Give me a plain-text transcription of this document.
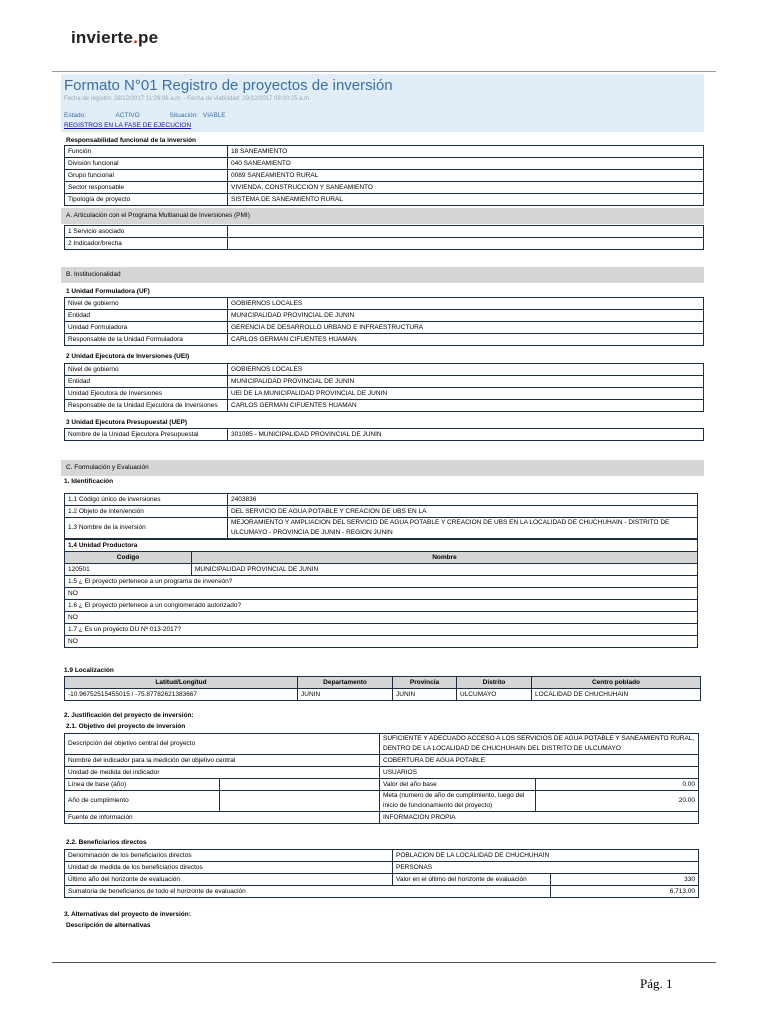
invierte.pe
Formato N°01 Registro de proyectos de inversión
Fecha de registro: 28/12/2017 11:29:06 a.m. - Fecha de viabilidad: 29/12/2017 09:00:25 a.m.
Estado:	ACTIVO	Situación: VIABLE
REGISTROS EN LA FASE DE EJECUCION
Responsabilidad funcional de la inversión
Función	18 SANEAMIENTO
División funcional	040 SANEAMIENTO
Grupo funcional	0089 SANEAMIENTO RURAL
Sector responsable	VIVIENDA, CONSTRUCCION Y SANEAMIENTO
Tipología de proyecto	SISTEMA DE SANEAMIENTO RURAL
A. Articulación con el Programa Multianual de Inversiones (PMI)
1 Servicio asociado	
2 Indicador/brecha	
B. Institucionalidad
1 Unidad Formuladora (UF)
Nivel de gobierno	GOBIERNOS LOCALES
Entidad	MUNICIPALIDAD PROVINCIAL DE JUNIN
Unidad Formuladora	GERENCIA DE DESARROLLO URBANO E INFRAESTRUCTURA
Responsable de la Unidad Formuladora	CARLOS GERMAN CIFUENTES HUAMAN
2 Unidad Ejecutora de Inversiones (UEI)
Nivel de gobierno	GOBIERNOS LOCALES
Entidad	MUNICIPALIDAD PROVINCIAL DE JUNIN
Unidad Ejecutora de Inversiones	UEI DE LA MUNICIPALIDAD PROVINCIAL DE JUNIN
Responsable de la Unidad Ejecutora de Inversiones	CARLOS GERMAN CIFUENTES HUAMAN
3 Unidad Ejecutora Presupuestal (UEP)
Nombre de la Unidad Ejecutora Presupuestal	301085 - MUNICIPALIDAD PROVINCIAL DE JUNIN
C. Formulación y Evaluación
1. Identificación
1.1 Código único de inversiones	2403836
1.2 Objeto de intervención	DEL SERVICIO DE AGUA POTABLE Y CREACION DE UBS EN LA
1.3 Nombre de la inversión	MEJORAMIENTO Y AMPLIACION DEL SERVICIO DE AGUA POTABLE Y CREACION DE UBS EN LA LOCALIDAD DE CHUCHUHAIN - DISTRITO DE ULCUMAYO - PROVINCIA DE JUNIN - REGION JUNIN
1.4 Unidad Productora	
Codigo	Nombre
120501	MUNICIPALIDAD PROVINCIAL DE JUNIN
1.5 ¿ El proyecto pertenece a un programa de inversión?	
NO	
1.6 ¿ El proyecto pertenece a un conglomerado autorizado?	
NO	
1.7 ¿ Es un proyecto DU Nº 013-2017?	
NO	
1.9 Localización
Latitud/Longitud	Departamento	Provincia	Distrito	Centro poblado
-10.96752515455015 / -75.87782621383667	JUNIN	JUNIN	ULCUMAYO	LOCALIDAD DE CHUCHUHAIN
2. Justificación del proyecto de inversión:
2.1. Objetivo del proyecto de inversión
Descripción del objetivo central del proyecto		SUFICIENTE Y ADECUADO ACCESO A LOS SERVICIOS DE AGUA POTABLE Y SANEAMIENTO RURAL, DENTRO DE LA LOCALIDAD DE CHUCHUHAIN DEL DISTRITO DE ULCUMAYO	
Nombre del indicador para la medición del objetivo central		COBERTURA DE AGUA POTABLE	
Unidad de medida del indicador		USUARIOS	
Línea de base (año)		Valor del año base	0.00
Año de cumplimiento		Meta (numero de año de cumplimiento, luego del inicio de funcionamiento del proyecto)	20.00
Fuente de información		INFORMACION PROPIA	
2.2. Beneficiarios directos
Denominación de los beneficiarios directos	POBLACION DE LA LOCALIDAD DE CHUCHUHAIN	
Unidad de medida de los beneficiarios directos	PERSONAS	
Último año del horizonte de evaluación	Valor en el último del horizonte de evaluación	330
Sumatoria de beneficiarios de todo el horizonte de evaluación		6,713.00
3. Alternativas del proyecto de inversión:
Descripción de alternativas
Pág. 1
